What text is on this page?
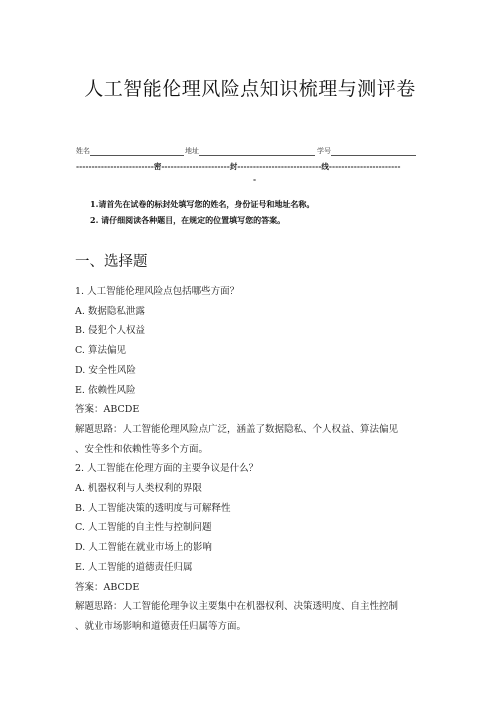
人工智能伦理风险点知识梳理与测评卷
姓名	地址	学号
-------------------------密----------------------封---------------------------线-----------------------
-
1.请首先在试卷的标封处填写您的姓名，身份证号和地址名称。
2. 请仔细阅读各种题目，在规定的位置填写您的答案。
一、选择题
1. 人工智能伦理风险点包括哪些方面？
A. 数据隐私泄露
B. 侵犯个人权益
C. 算法偏见
D. 安全性风险
E. 依赖性风险
答案：ABCDE
解题思路：人工智能伦理风险点广泛，涵盖了数据隐私、个人权益、算法偏见
、安全性和依赖性等多个方面。
2. 人工智能在伦理方面的主要争议是什么？
A. 机器权利与人类权利的界限
B. 人工智能决策的透明度与可解释性
C. 人工智能的自主性与控制问题
D. 人工智能在就业市场上的影响
E. 人工智能的道德责任归属
答案：ABCDE
解题思路：人工智能伦理争议主要集中在机器权利、决策透明度、自主性控制
、就业市场影响和道德责任归属等方面。
